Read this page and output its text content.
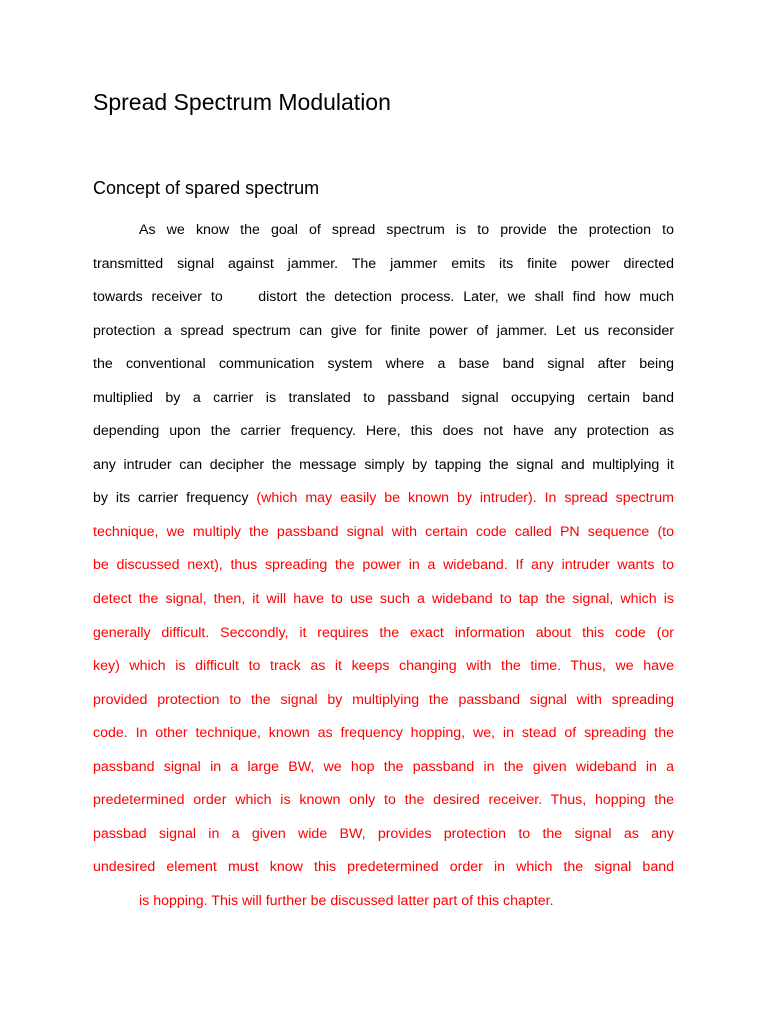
Spread Spectrum Modulation
Concept of spared spectrum
As we know the goal of spread spectrum is to provide the protection to
transmitted signal against jammer. The jammer emits its finite power directed
towards receiver to    distort the detection process. Later, we shall find how much
protection a spread spectrum can give for finite power of jammer. Let us reconsider
the conventional communication system where a base band signal after being
multiplied by a carrier is translated to passband signal occupying certain band
depending upon the carrier frequency. Here, this does not have any protection as
any intruder can decipher the message simply by tapping the signal and multiplying it
by its carrier frequency (which may easily be known by intruder). In spread spectrum
technique, we multiply the passband signal with certain code called PN sequence (to
be discussed next), thus spreading the power in a wideband. If any intruder wants to
detect the signal, then, it will have to use such a wideband to tap the signal, which is
generally difficult. Seccondly, it requires the exact information about this code (or
key) which is difficult to track as it keeps changing with the time. Thus, we have
provided protection to the signal by multiplying the passband signal with spreading
code. In other technique, known as frequency hopping, we, in stead of spreading the
passband signal in a large BW, we hop the passband in the given wideband in a
predetermined order which is known only to the desired receiver. Thus, hopping the
passbad signal in a given wide BW, provides protection to the signal as any
undesired element must know this predetermined order in which the signal band
is hopping. This will further be discussed latter part of this chapter.
